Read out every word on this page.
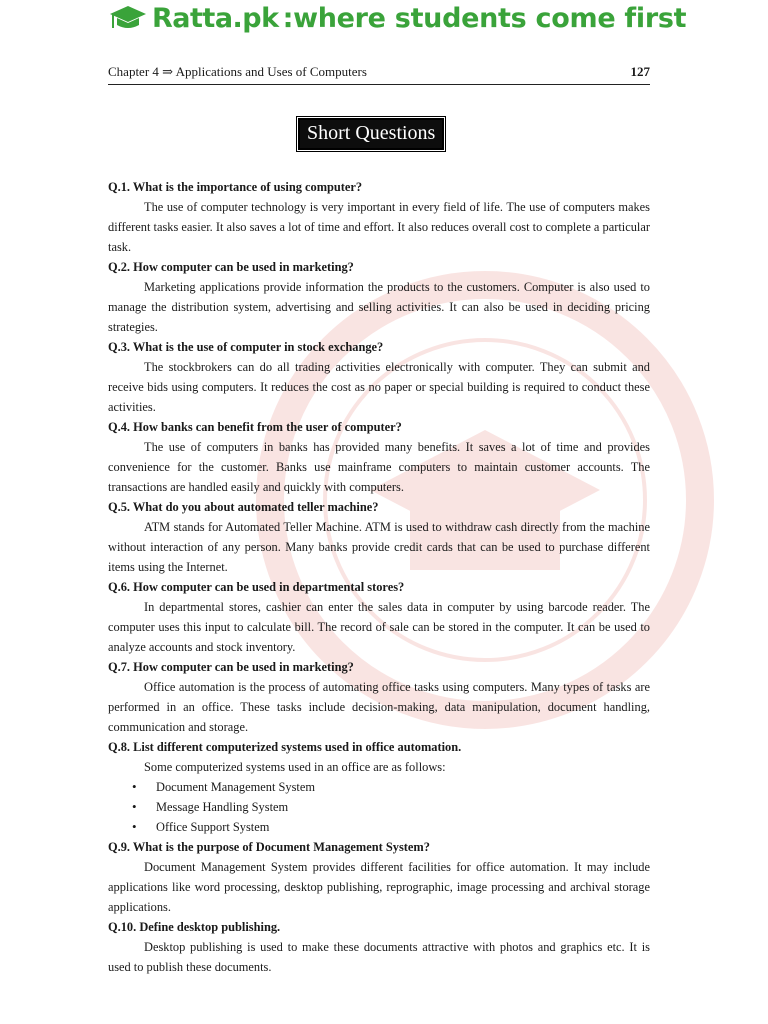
Ratta.pk :where students come first
Chapter 4 ⇒ Applications and Uses of Computers	127
Short Questions

Q.1. What is the importance of using computer?

The use of computer technology is very important in every field of life. The use of computers makes different tasks easier. It also saves a lot of time and effort. It also reduces overall cost to complete a particular task.

Q.2. How computer can be used in marketing?

Marketing applications provide information the products to the customers. Computer is also used to manage the distribution system, advertising and selling activities. It can also be used in deciding pricing strategies.

Q.3. What is the use of computer in stock exchange?

The stockbrokers can do all trading activities electronically with computer. They can submit and receive bids using computers. It reduces the cost as no paper or special building is required to conduct these activities.

Q.4. How banks can benefit from the user of computer?

The use of computers in banks has provided many benefits. It saves a lot of time and provides convenience for the customer. Banks use mainframe computers to maintain customer accounts. The transactions are handled easily and quickly with computers.

Q.5. What do you about automated teller machine?

ATM stands for Automated Teller Machine. ATM is used to withdraw cash directly from the machine without interaction of any person. Many banks provide credit cards that can be used to purchase different items using the Internet.

Q.6. How computer can be used in departmental stores?

In departmental stores, cashier can enter the sales data in computer by using barcode reader. The computer uses this input to calculate bill. The record of sale can be stored in the computer. It can be used to analyze accounts and stock inventory.

Q.7. How computer can be used in marketing?

Office automation is the process of automating office tasks using computers. Many types of tasks are performed in an office. These tasks include decision-making, data manipulation, document handling, communication and storage.

Q.8. List different computerized systems used in office automation.

Some computerized systems used in an office are as follows:

• Document Management System
• Message Handling System
• Office Support System

Q.9. What is the purpose of Document Management System?

Document Management System provides different facilities for office automation. It may include applications like word processing, desktop publishing, reprographic, image processing and archival storage applications.

Q.10. Define desktop publishing.

Desktop publishing is used to make these documents attractive with photos and graphics etc. It is used to publish these documents.
